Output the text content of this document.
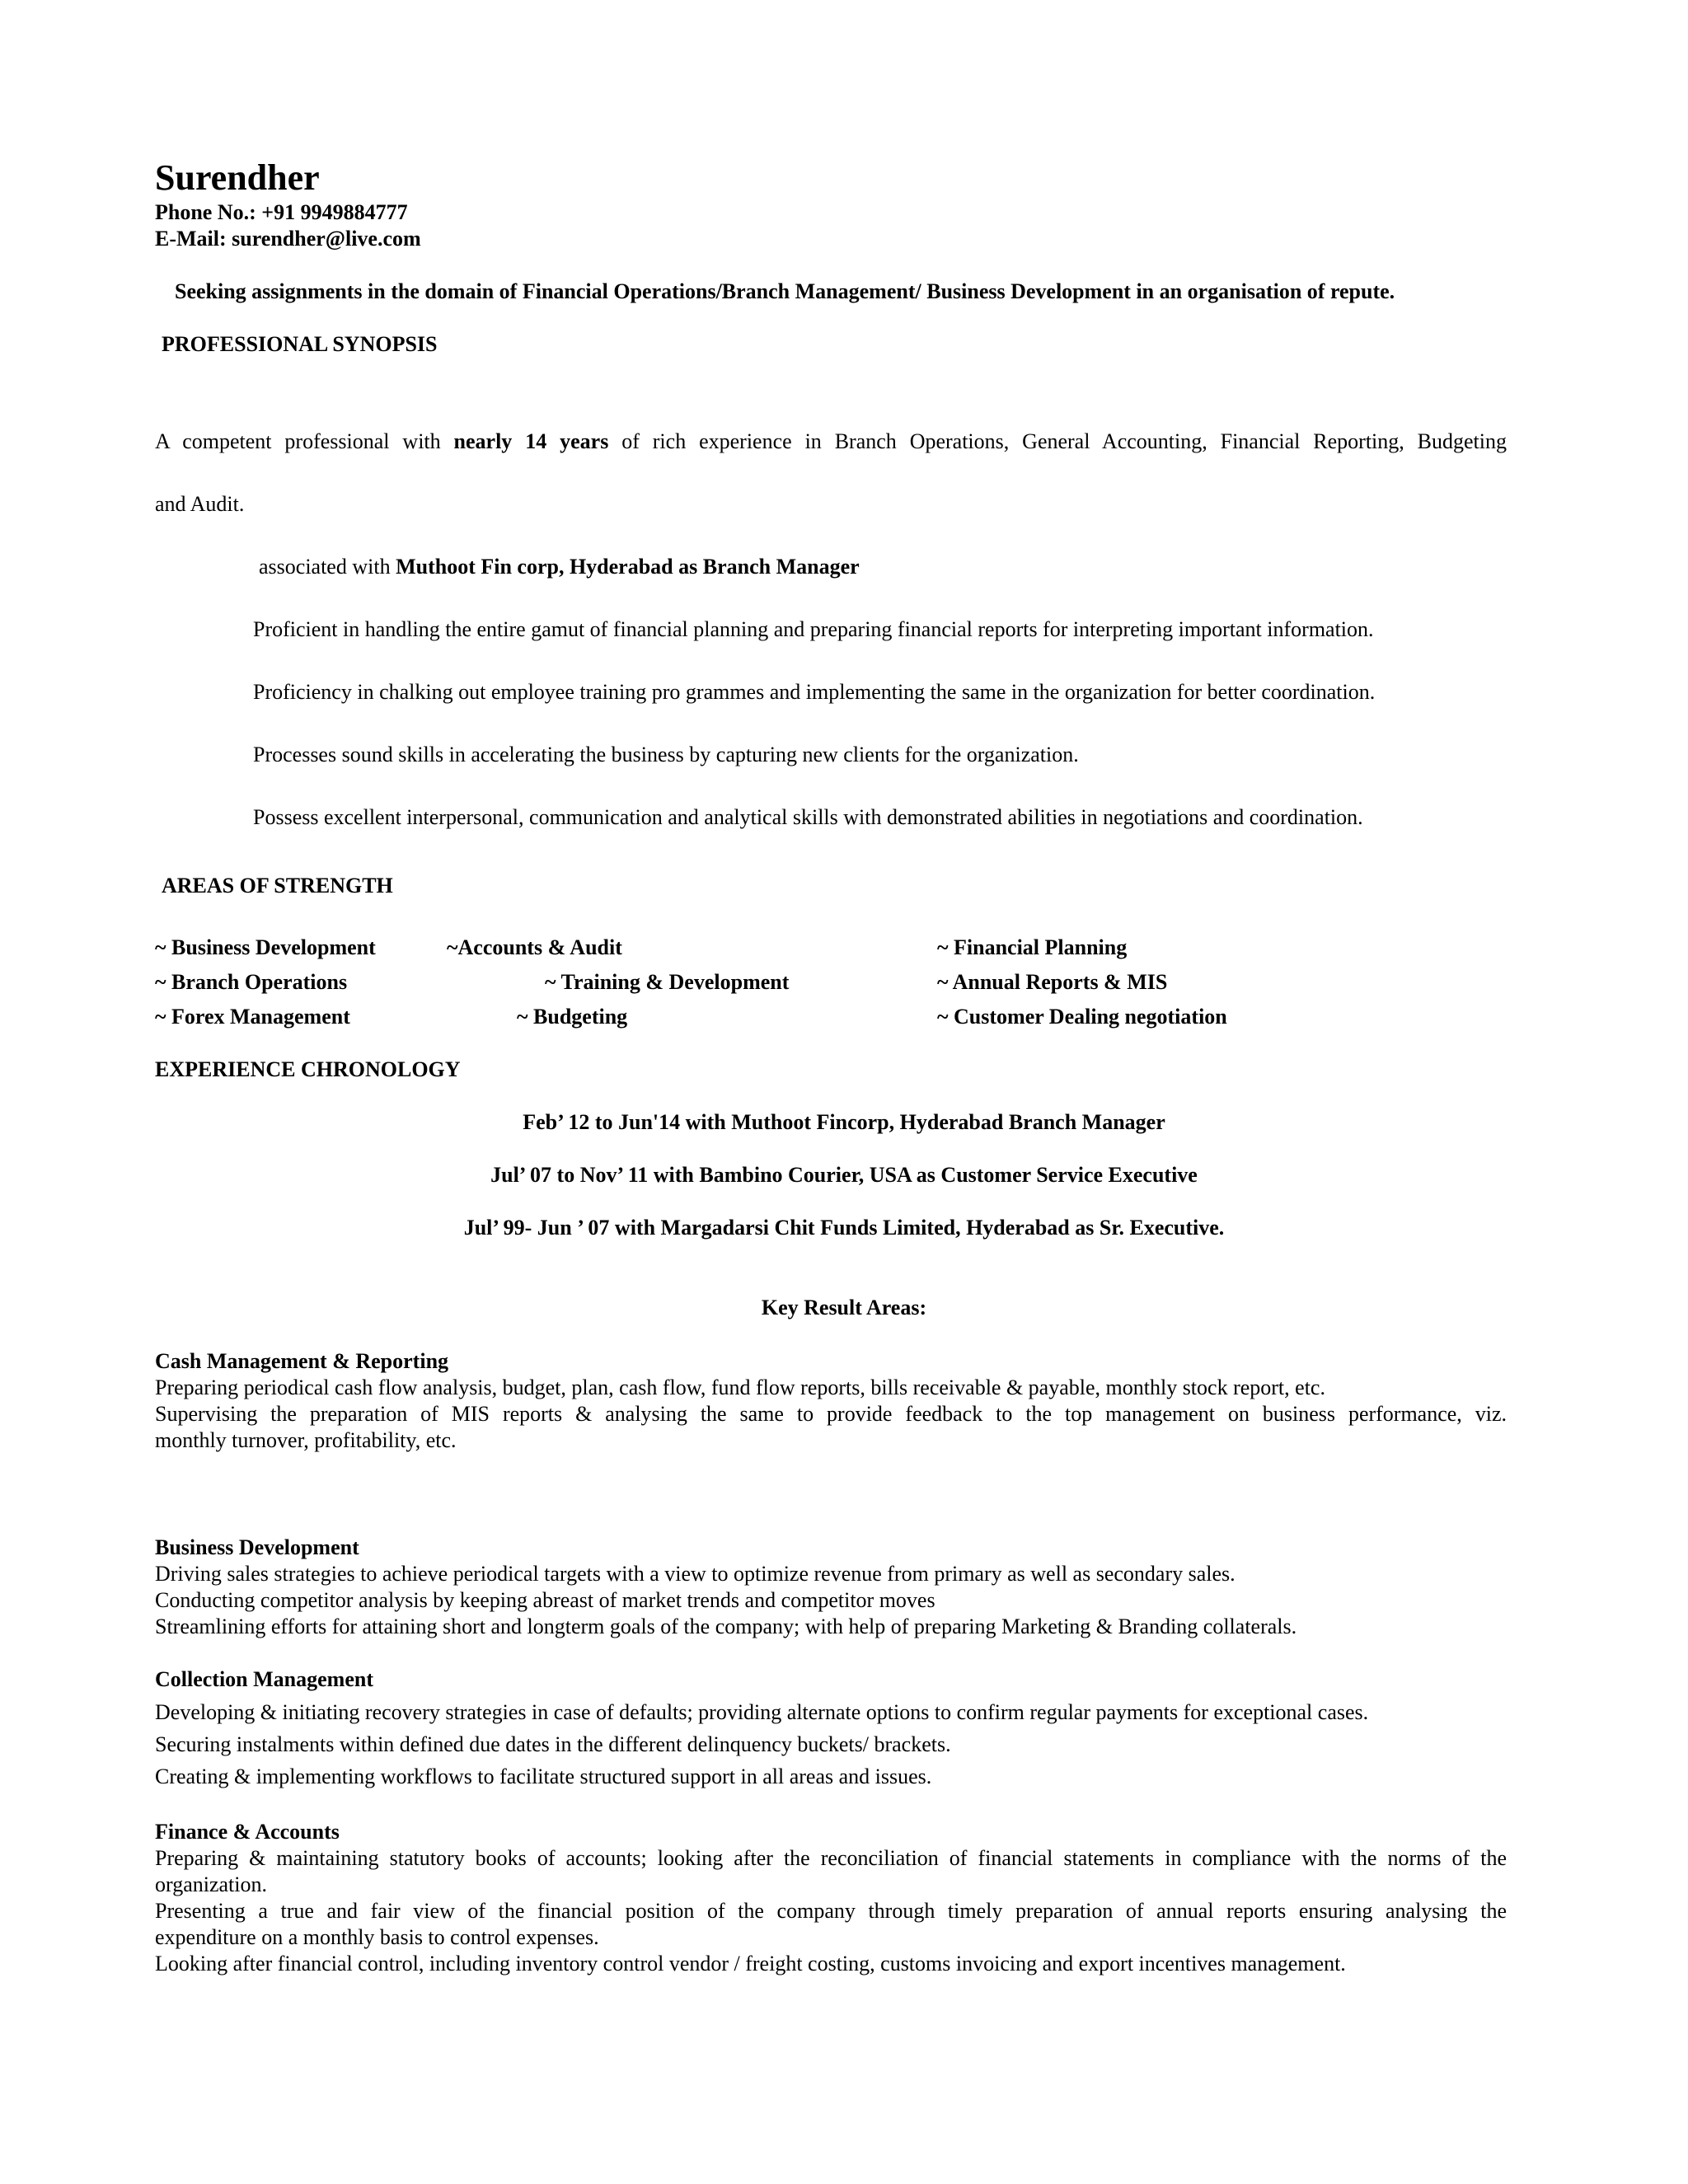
Surendher
Phone No.: +91 9949884777
E-Mail: surendher@live.com
Seeking assignments in the domain of Financial Operations/Branch Management/ Business Development in an organisation of repute.
PROFESSIONAL SYNOPSIS
A competent professional with nearly 14 years of rich experience in Branch Operations, General Accounting, Financial Reporting, Budgeting
and Audit.
associated with Muthoot Fin corp, Hyderabad as Branch Manager
Proficient in handling the entire gamut of financial planning and preparing financial reports for interpreting important information.
Proficiency in chalking out employee training pro grammes and implementing the same in the organization for better coordination.
Processes sound skills in accelerating the business by capturing new clients for the organization.
Possess excellent interpersonal, communication and analytical skills with demonstrated abilities in negotiations and coordination.
AREAS OF STRENGTH
~ Business Development	~Accounts & Audit	~ Financial Planning
~ Branch Operations	~ Training & Development	~ Annual Reports & MIS
~ Forex Management	~ Budgeting	~ Customer Dealing negotiation
EXPERIENCE CHRONOLOGY
Feb’ 12 to Jun'14 with Muthoot Fincorp, Hyderabad Branch Manager
Jul’ 07 to Nov’ 11 with Bambino Courier, USA as Customer Service Executive
Jul’ 99- Jun ’ 07 with Margadarsi Chit Funds Limited, Hyderabad as Sr. Executive.
Key Result Areas:
Cash Management & Reporting
Preparing periodical cash flow analysis, budget, plan, cash flow, fund flow reports, bills receivable & payable, monthly stock report, etc.
Supervising the preparation of MIS reports & analysing the same to provide feedback to the top management on business performance, viz.
monthly turnover, profitability, etc.
Business Development
Driving sales strategies to achieve periodical targets with a view to optimize revenue from primary as well as secondary sales.
Conducting competitor analysis by keeping abreast of market trends and competitor moves
Streamlining efforts for attaining short and longterm goals of the company; with help of preparing Marketing & Branding collaterals.
Collection Management
Developing & initiating recovery strategies in case of defaults; providing alternate options to confirm regular payments for exceptional cases.
Securing instalments within defined due dates in the different delinquency buckets/ brackets.
Creating & implementing workflows to facilitate structured support in all areas and issues.
Finance & Accounts
Preparing & maintaining statutory books of accounts; looking after the reconciliation of financial statements in compliance with the norms of the
organization.
Presenting a true and fair view of the financial position of the company through timely preparation of annual reports ensuring analysing the
expenditure on a monthly basis to control expenses.
Looking after financial control, including inventory control vendor / freight costing, customs invoicing and export incentives management.
